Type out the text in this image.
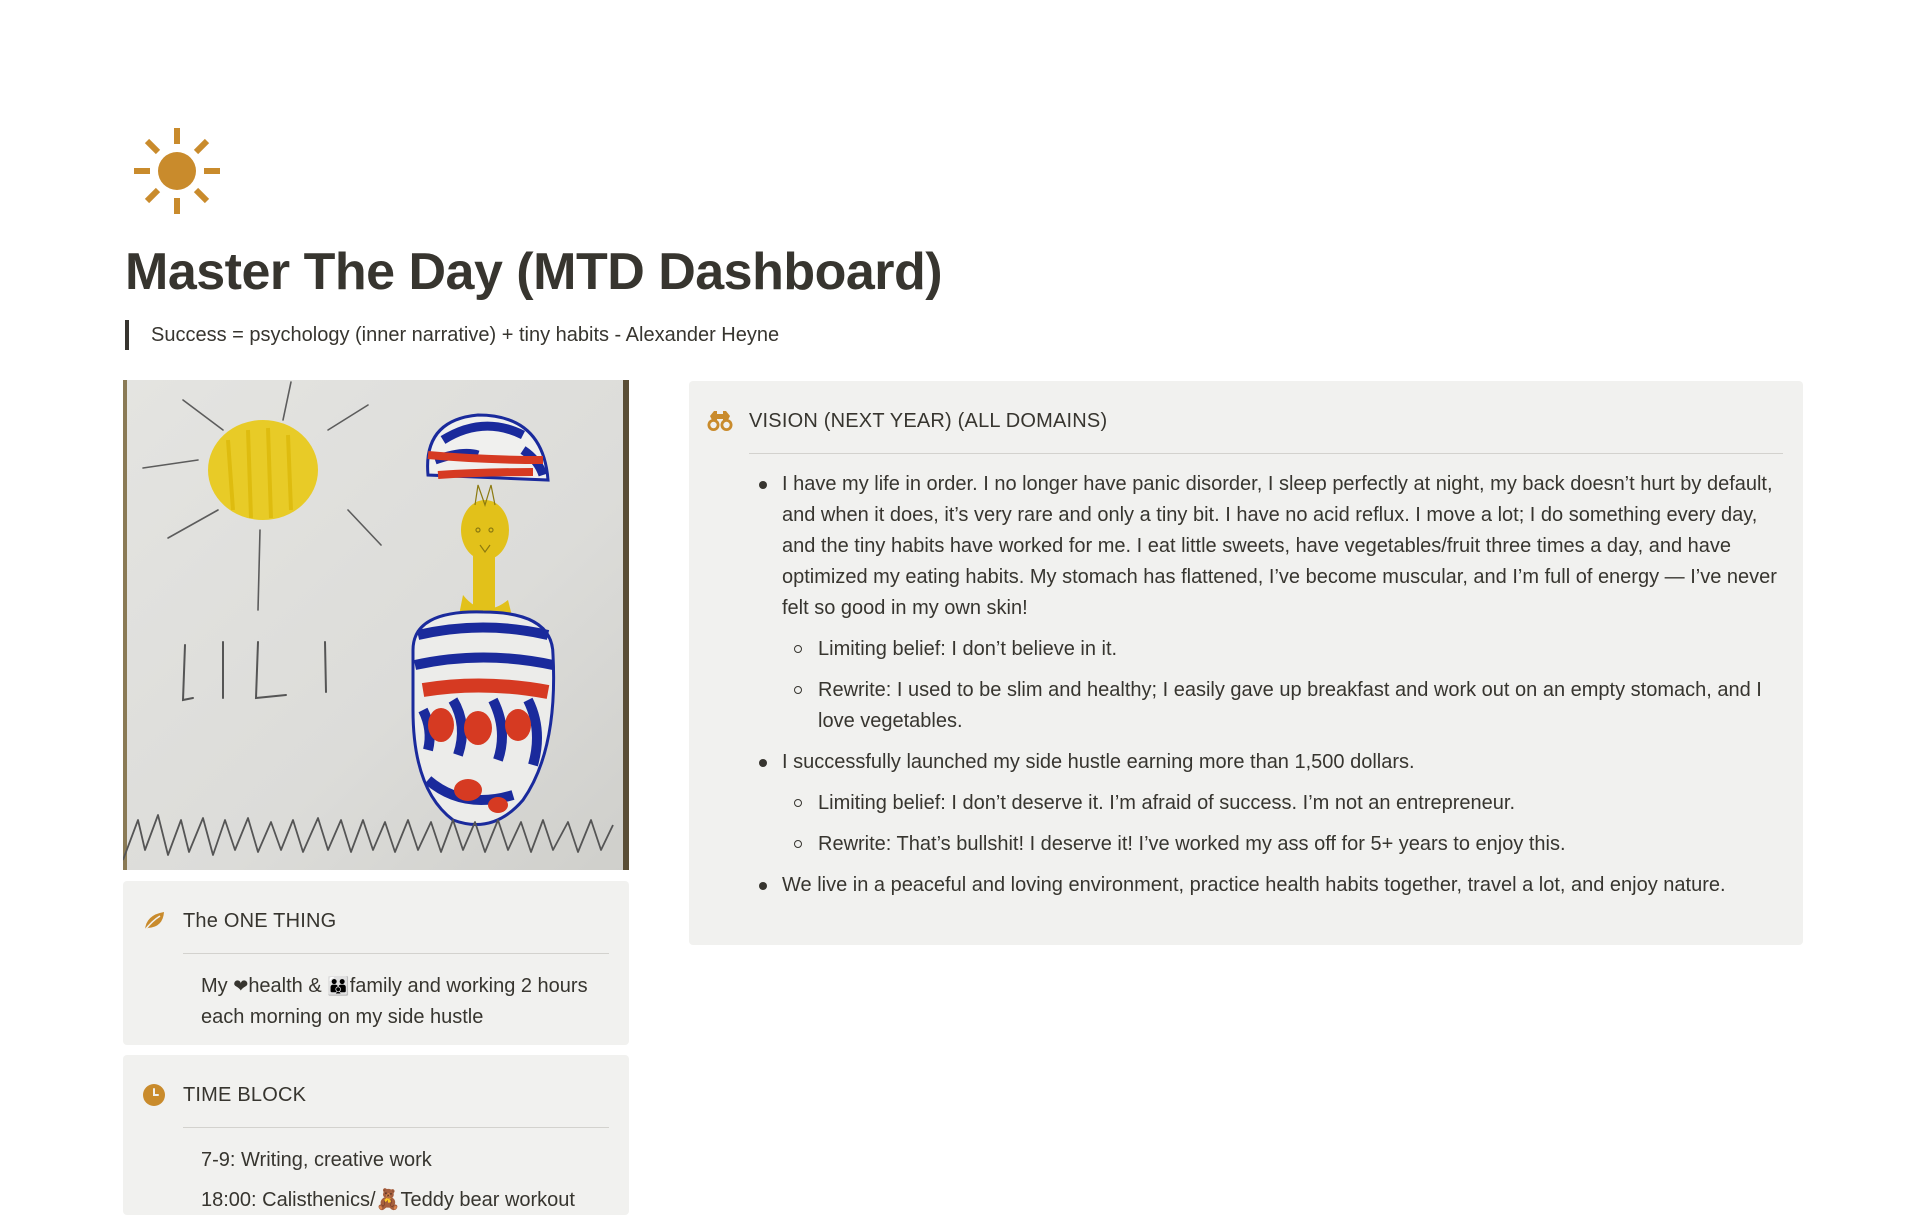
Master The Day (MTD Dashboard)
Success = psychology (inner narrative) + tiny habits - Alexander Heyne
The ONE THING
My ❤health & 👪family and working 2 hours each morning on my side hustle
TIME BLOCK
7-9: Writing, creative work
18:00: Calisthenics/🧸Teddy bear workout
VISION (NEXT YEAR) (ALL DOMAINS)
I have my life in order. I no longer have panic disorder, I sleep perfectly at night, my back doesn’t hurt by default, and when it does, it’s very rare and only a tiny bit. I have no acid reflux. I move a lot; I do something every day, and the tiny habits have worked for me. I eat little sweets, have vegetables/fruit three times a day, and have optimized my eating habits. My stomach has flattened, I’ve become muscular, and I’m full of energy — I’ve never felt so good in my own skin!
Limiting belief: I don’t believe in it.
Rewrite: I used to be slim and healthy; I easily gave up breakfast and work out on an empty stomach, and I love vegetables.
I successfully launched my side hustle earning more than 1,500 dollars.
Limiting belief: I don’t deserve it. I’m afraid of success. I’m not an entrepreneur.
Rewrite: That’s bullshit! I deserve it! I’ve worked my ass off for 5+ years to enjoy this.
We live in a peaceful and loving environment, practice health habits together, travel a lot, and enjoy nature.
